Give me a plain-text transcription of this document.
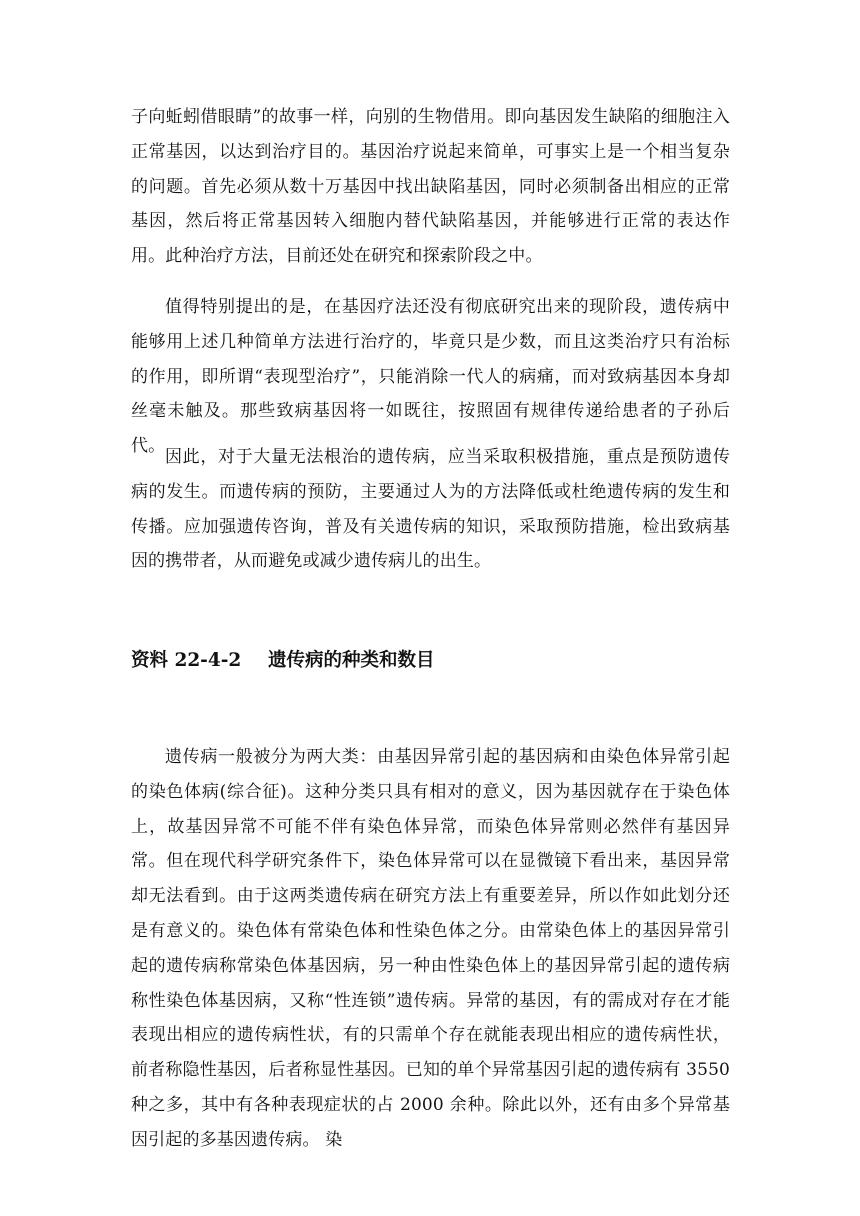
子向蚯蚓借眼睛”的故事一样，向别的生物借用。即向基因发生缺陷的细胞注入正常基因，以达到治疗目的。基因治疗说起来简单，可事实上是一个相当复杂的问题。首先必须从数十万基因中找出缺陷基因，同时必须制备出相应的正常基因，然后将正常基因转入细胞内替代缺陷基因，并能够进行正常的表达作用。此种治疗方法，目前还处在研究和探索阶段之中。

值得特别提出的是，在基因疗法还没有彻底研究出来的现阶段，遗传病中能够用上述几种简单方法进行治疗的，毕竟只是少数，而且这类治疗只有治标的作用，即所谓“表现型治疗”，只能消除一代人的病痛，而对致病基因本身却丝毫未触及。那些致病基因将一如既往，按照固有规律传递给患者的子孙后代。

因此，对于大量无法根治的遗传病，应当采取积极措施，重点是预防遗传病的发生。而遗传病的预防，主要通过人为的方法降低或杜绝遗传病的发生和传播。应加强遗传咨询，普及有关遗传病的知识，采取预防措施，检出致病基因的携带者，从而避免或减少遗传病儿的出生。

资料 22-4-2 遗传病的种类和数目

遗传病一般被分为两大类：由基因异常引起的基因病和由染色体异常引起的染色体病(综合征)。这种分类只具有相对的意义，因为基因就存在于染色体上，故基因异常不可能不伴有染色体异常，而染色体异常则必然伴有基因异常。但在现代科学研究条件下，染色体异常可以在显微镜下看出来，基因异常却无法看到。由于这两类遗传病在研究方法上有重要差异，所以作如此划分还是有意义的。染色体有常染色体和性染色体之分。由常染色体上的基因异常引起的遗传病称常染色体基因病，另一种由性染色体上的基因异常引起的遗传病称性染色体基因病，又称“性连锁”遗传病。异常的基因，有的需成对存在才能表现出相应的遗传病性状，有的只需单个存在就能表现出相应的遗传病性状，前者称隐性基因，后者称显性基因。已知的单个异常基因引起的遗传病有 3550 种之多，其中有各种表现症状的占 2000 余种。除此以外，还有由多个异常基因引起的多基因遗传病。 染
